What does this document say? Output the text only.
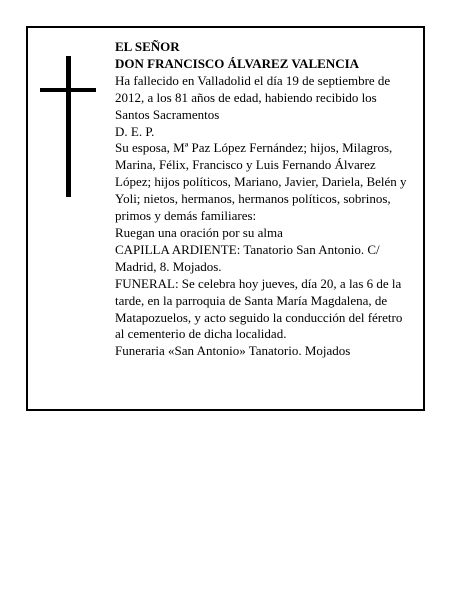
EL SEÑOR
DON FRANCISCO ÁLVAREZ VALENCIA
Ha fallecido en Valladolid el día 19 de septiembre de
2012, a los 81 años de edad, habiendo recibido los
Santos Sacramentos
D. E. P.
Su esposa, Mª Paz López Fernández; hijos, Milagros,
Marina, Félix, Francisco y Luis Fernando Álvarez
López; hijos políticos, Mariano, Javier, Dariela, Belén y
Yoli; nietos, hermanos, hermanos políticos, sobrinos,
primos y demás familiares:
Ruegan una oración por su alma
CAPILLA ARDIENTE: Tanatorio San Antonio. C/
Madrid, 8. Mojados.
FUNERAL: Se celebra hoy jueves, día 20, a las 6 de la
tarde, en la parroquia de Santa María Magdalena, de
Matapozuelos, y acto seguido la conducción del féretro
al cementerio de dicha localidad.
Funeraria «San Antonio» Tanatorio. Mojados
